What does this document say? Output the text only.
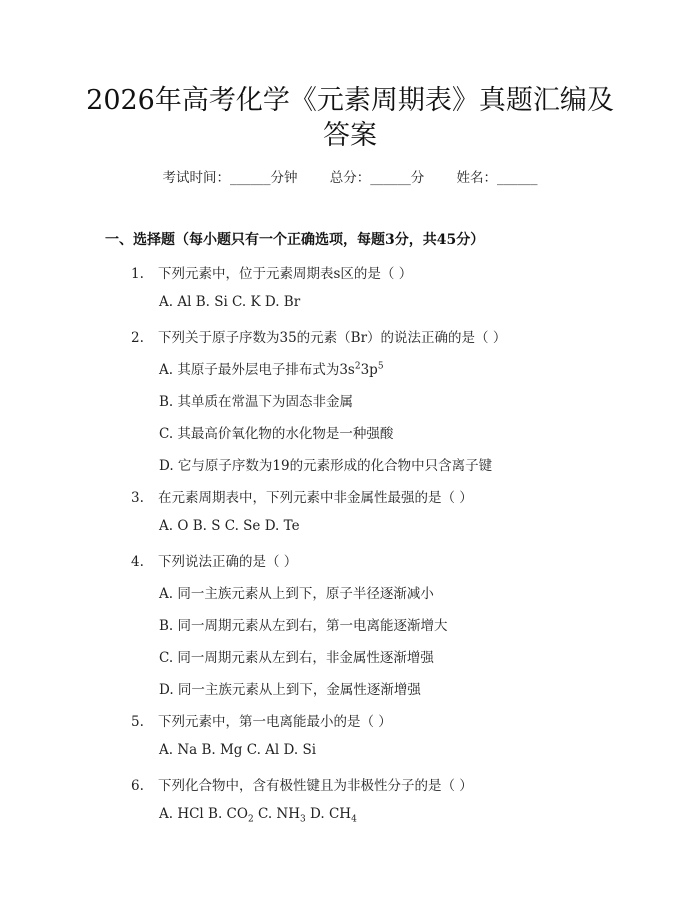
2026年高考化学《元素周期表》真题汇编及
答案
考试时间：______分钟 总分：______分 姓名：______
一、选择题（每小题只有一个正确选项，每题3分，共45分）
1. 下列元素中，位于元素周期表s区的是（ ）
A. Al B. Si C. K D. Br
2. 下列关于原子序数为35的元素（Br）的说法正确的是（ ）
A. 其原子最外层电子排布式为$3s^23p^5$
B. 其单质在常温下为固态非金属
C. 其最高价氧化物的水化物是一种强酸
D. 它与原子序数为19的元素形成的化合物中只含离子键
3. 在元素周期表中，下列元素中非金属性最强的是（ ）
A. O B. S C. Se D. Te
4. 下列说法正确的是（ ）
A. 同一主族元素从上到下，原子半径逐渐减小
B. 同一周期元素从左到右，第一电离能逐渐增大
C. 同一周期元素从左到右，非金属性逐渐增强
D. 同一主族元素从上到下，金属性逐渐增强
5. 下列元素中，第一电离能最小的是（ ）
A. Na B. Mg C. Al D. Si
6. 下列化合物中，含有极性键且为非极性分子的是（ ）
A. HCl B. $CO_2$ C. $NH_3$ D. $CH_4$
